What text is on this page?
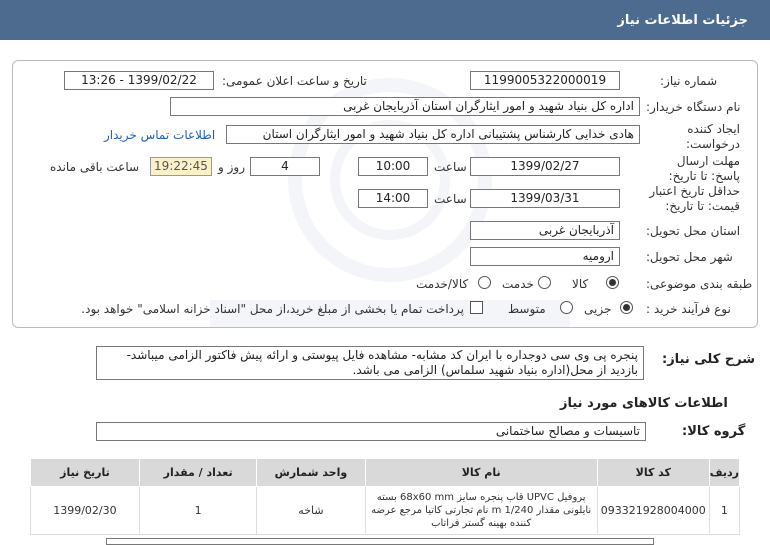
جزئیات اطلاعات نیاز
شماره نیاز:
1199005322000019
تاریخ و ساعت اعلان عمومی:
1399/02/22 - 13:26
نام دستگاه خریدار:
اداره کل بنیاد شهید و امور ایثارگران استان آذربایجان غربی
ایجاد کننده درخواست:
هادی خدایی کارشناس پشتیبانی اداره کل بنیاد شهید و امور ایثارگران استان
اطلاعات تماس خریدار
مهلت ارسال پاسخ: تا تاریخ:
1399/02/27
ساعت
10:00
4
روز و
19:22:45
ساعت باقی مانده
حداقل تاریخ اعتبار قیمت: تا تاریخ:
1399/03/31
ساعت
14:00
استان محل تحویل:
آذربایجان غربی
شهر محل تحویل:
ارومیه
طبقه بندی موضوعی:
کالا
خدمت
کالا/خدمت
نوع فرآیند خرید :
جزیی
متوسط
پرداخت تمام یا بخشی از مبلغ خرید،از محل "اسناد خزانه اسلامی" خواهد بود.
شرح کلی نیاز:
پنجره پی وی سی دوجداره با ایران کد مشابه- مشاهده فایل پیوستی و ارائه پیش فاکتور الزامی میباشد- بازدید از محل(اداره بنیاد شهید سلماس) الزامی می باشد.
اطلاعات کالاهای مورد نیاز
گروه کالا:
تاسیسات و مصالح ساختمانی
ردیف	کد کالا	نام کالا	واحد شمارش	تعداد / مقدار	تاریخ نیاز
1	093321928004000	پروفیل UPVC قاب پنجره سایز 68x60 mm بسته نایلونی مقدار 1/240 m نام تجارتی کاتیا مرجع عرضه کننده بهینه گستر فراتاب	شاخه	1	1399/02/30
